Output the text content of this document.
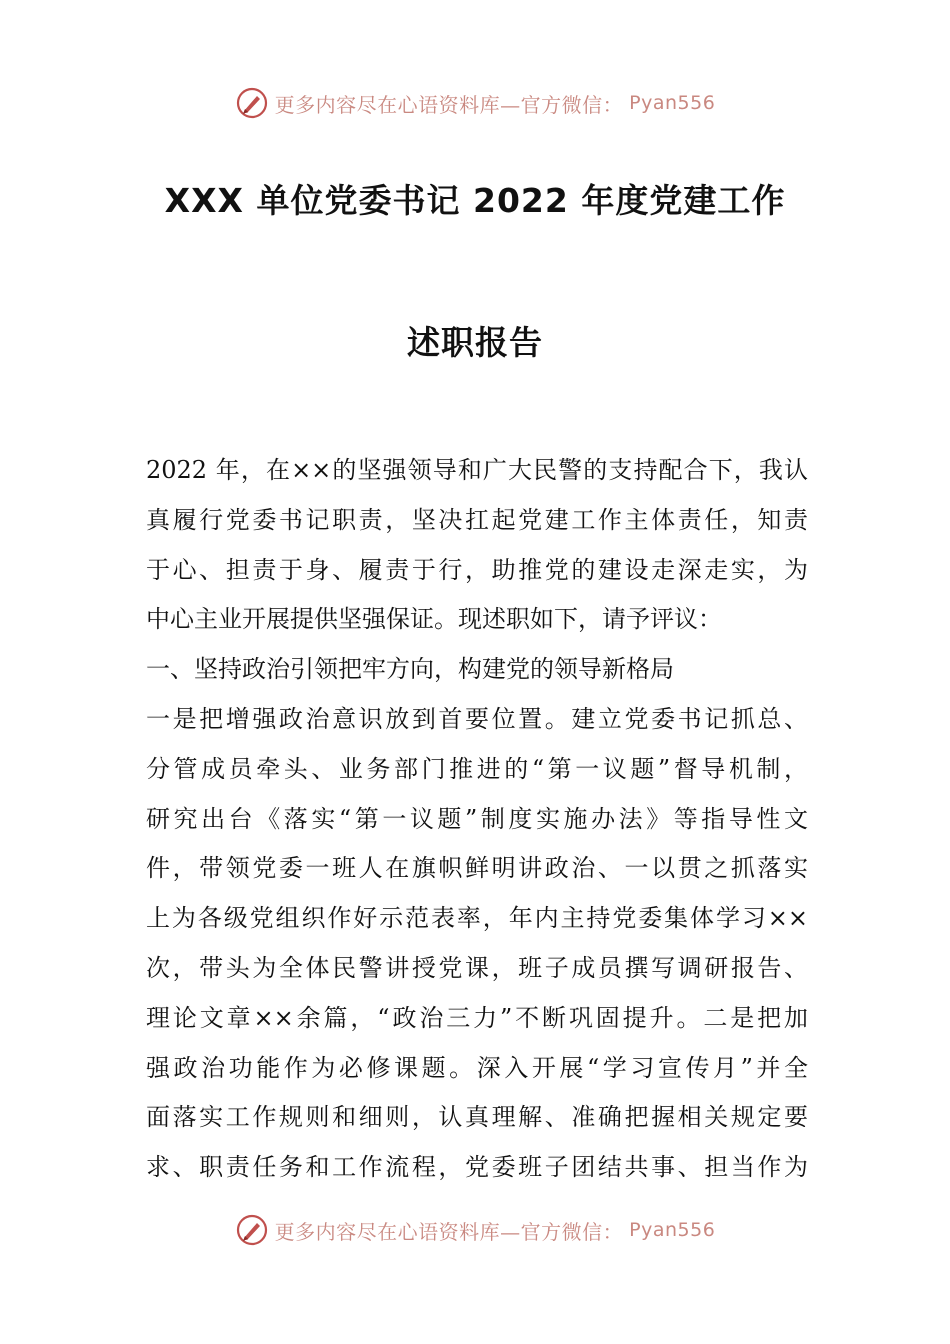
更多内容尽在心语资料库—官方微信： Pyan556
XXX 单位党委书记 2022 年度党建工作
述职报告
2022 年，在××的坚强领导和广大民警的支持配合下，我认
真履行党委书记职责，坚决扛起党建工作主体责任，知责
于心、担责于身、履责于行，助推党的建设走深走实，为
中心主业开展提供坚强保证。现述职如下，请予评议：
一、坚持政治引领把牢方向，构建党的领导新格局
一是把增强政治意识放到首要位置。建立党委书记抓总、
分管成员牵头、业务部门推进的“第一议题”督导机制，
研究出台《落实“第一议题”制度实施办法》等指导性文
件，带领党委一班人在旗帜鲜明讲政治、一以贯之抓落实
上为各级党组织作好示范表率，年内主持党委集体学习××
次，带头为全体民警讲授党课，班子成员撰写调研报告、
理论文章××余篇，“政治三力”不断巩固提升。二是把加
强政治功能作为必修课题。深入开展“学习宣传月”并全
面落实工作规则和细则，认真理解、准确把握相关规定要
求、职责任务和工作流程，党委班子团结共事、担当作为
更多内容尽在心语资料库—官方微信： Pyan556
